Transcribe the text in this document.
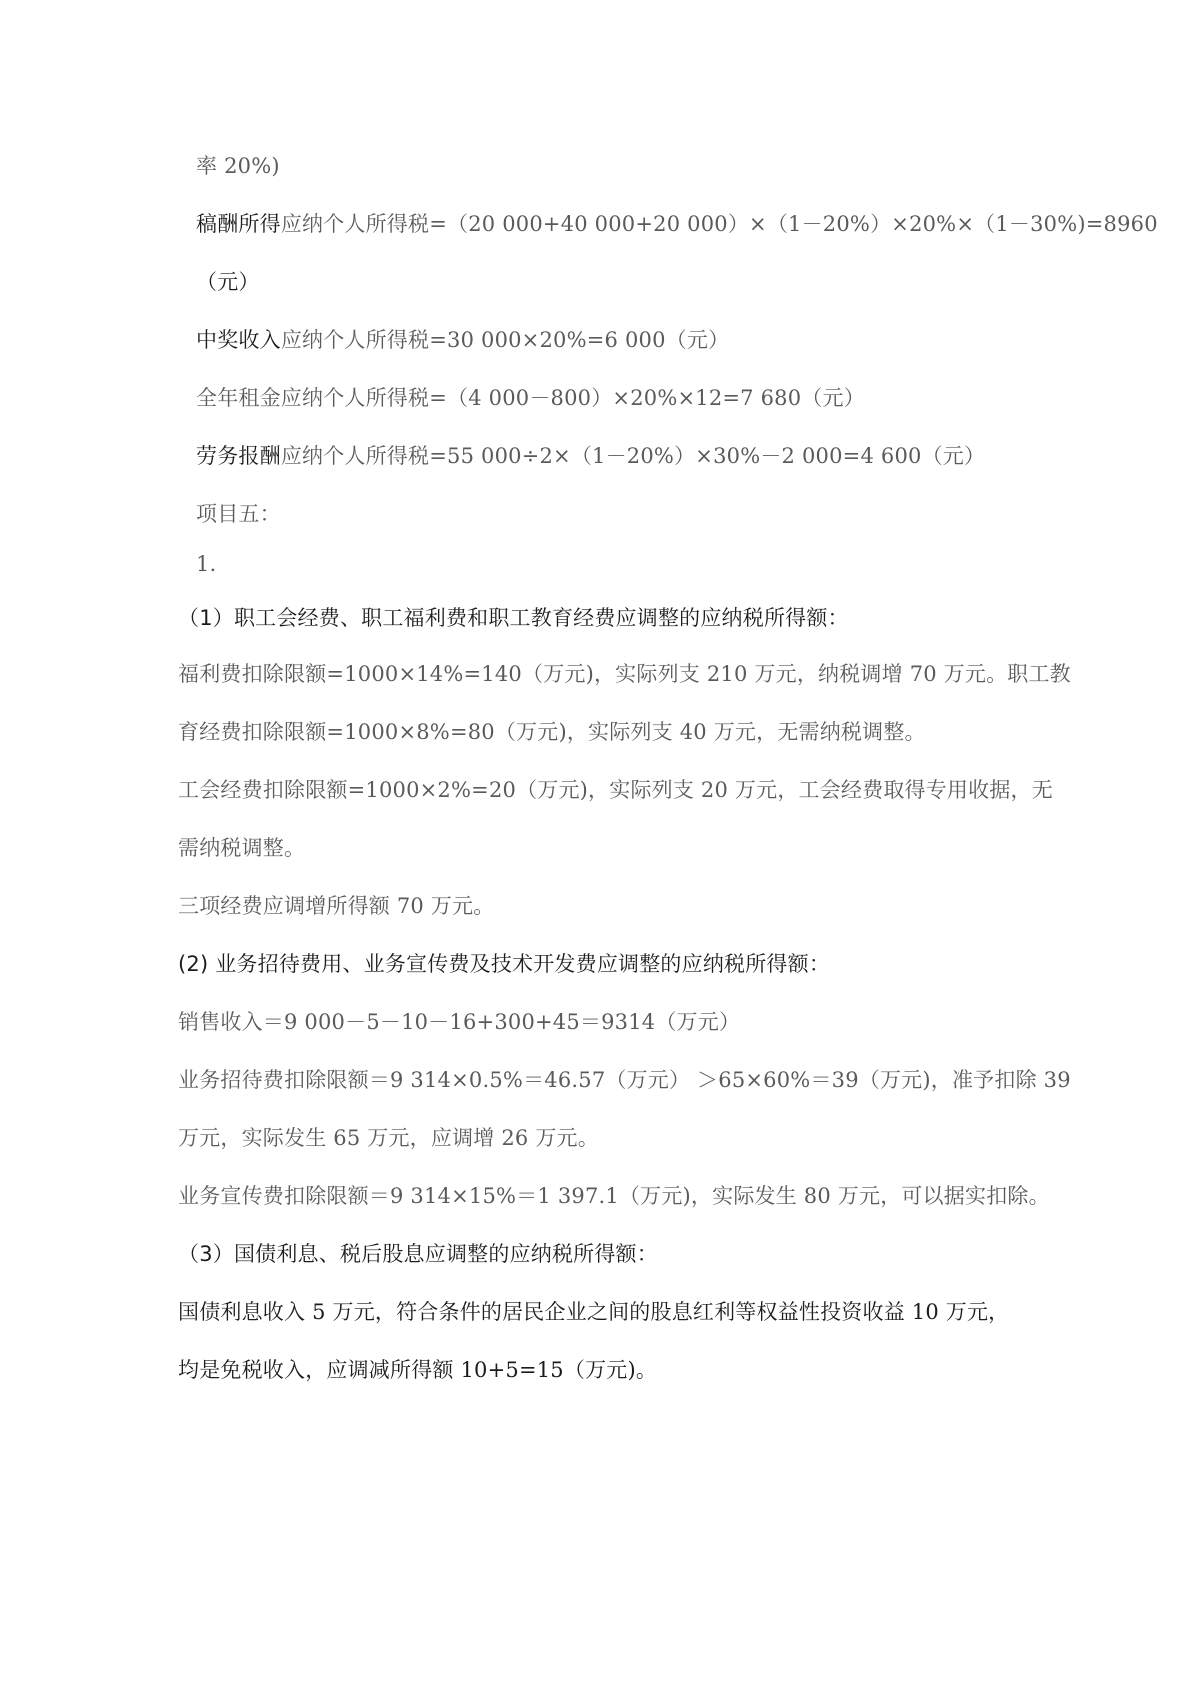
率 20%)
稿酬所得应纳个人所得税=（20 000+40 000+20 000）×（1－20%）×20%×（1－30%)=8960
（元）
中奖收入应纳个人所得税=30 000×20%=6 000（元）
全年租金应纳个人所得税=（4 000－800）×20%×12=7 680（元）
劳务报酬应纳个人所得税=55 000÷2×（1－20%）×30%－2 000=4 600（元）
项目五：
1.
（1）职工会经费、职工福利费和职工教育经费应调整的应纳税所得额：
福利费扣除限额=1000×14%=140（万元)，实际列支 210 万元，纳税调增 70 万元。职工教
育经费扣除限额=1000×8%=80（万元)，实际列支 40 万元，无需纳税调整。
工会经费扣除限额=1000×2%=20（万元)，实际列支 20 万元，工会经费取得专用收据，无
需纳税调整。
三项经费应调增所得额 70 万元。
(2) 业务招待费用、业务宣传费及技术开发费应调整的应纳税所得额：
销售收入＝9 000－5－10－16+300+45＝9314（万元）
业务招待费扣除限额＝9 314×0.5%＝46.57（万元） ＞65×60%＝39（万元)，准予扣除 39
万元，实际发生 65 万元，应调增 26 万元。
业务宣传费扣除限额＝9 314×15%＝1 397.1（万元)，实际发生 80 万元，可以据实扣除。
（3）国债利息、税后股息应调整的应纳税所得额：
国债利息收入 5 万元，符合条件的居民企业之间的股息红利等权益性投资收益 10 万元，
均是免税收入，应调减所得额 10+5=15（万元)。
